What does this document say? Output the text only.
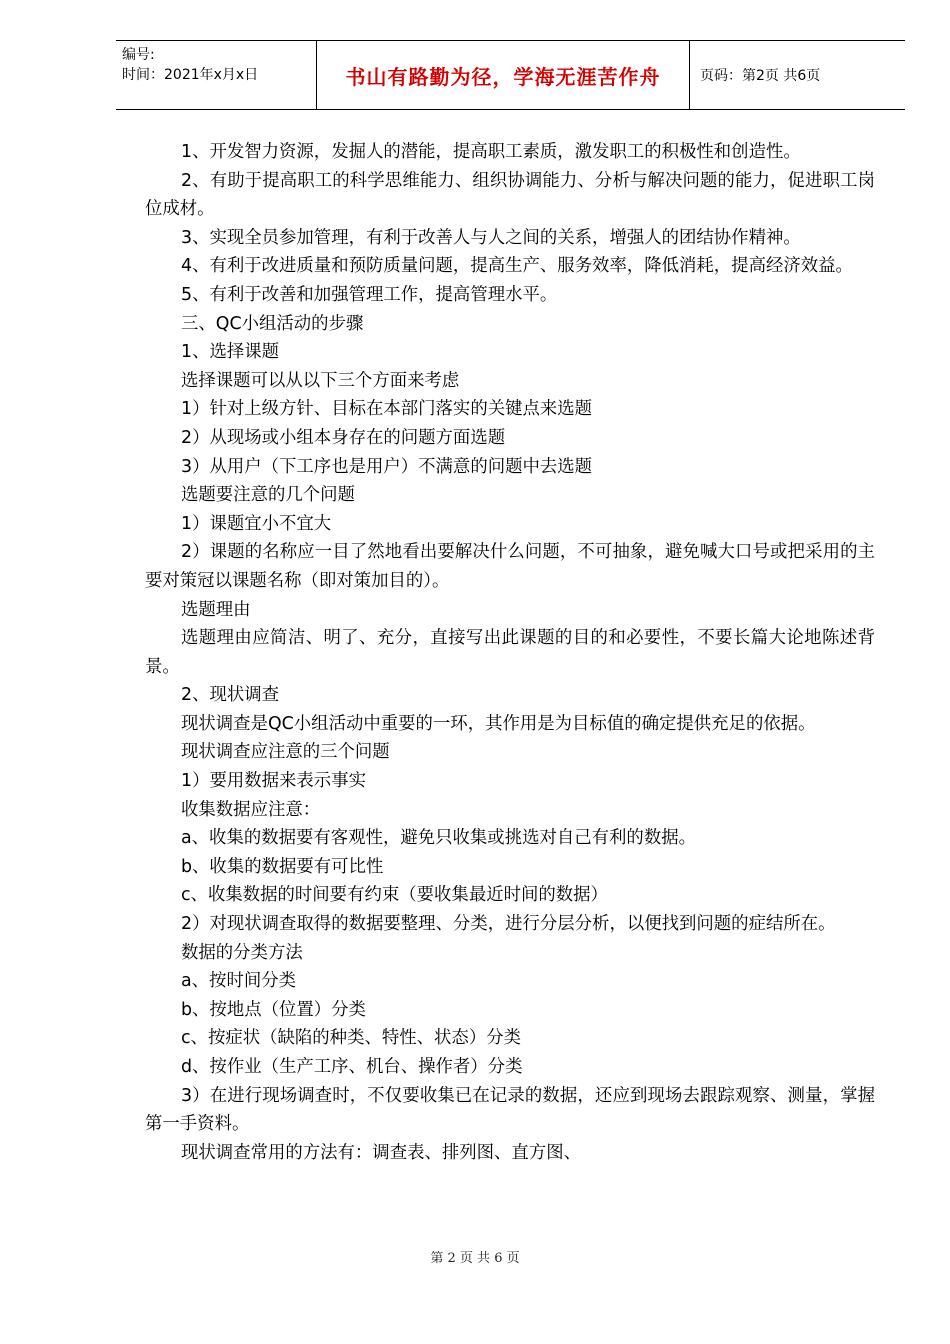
编号:
时间：2021年x月x日	书山有路勤为径，学海无涯苦作舟	页码：第2页 共6页

1、开发智力资源，发掘人的潜能，提高职工素质，激发职工的积极性和创造性。

2、有助于提高职工的科学思维能力、组织协调能力、分析与解决问题的能力，促进职工岗位成材。

3、实现全员参加管理，有利于改善人与人之间的关系，增强人的团结协作精神。

4、有利于改进质量和预防质量问题，提高生产、服务效率，降低消耗，提高经济效益。

5、有利于改善和加强管理工作，提高管理水平。

三、QC小组活动的步骤

1、选择课题

选择课题可以从以下三个方面来考虑

1）针对上级方针、目标在本部门落实的关键点来选题

2）从现场或小组本身存在的问题方面选题

3）从用户（下工序也是用户）不满意的问题中去选题

选题要注意的几个问题

1）课题宜小不宜大

2）课题的名称应一目了然地看出要解决什么问题，不可抽象，避免喊大口号或把采用的主要对策冠以课题名称（即对策加目的）。

选题理由

选题理由应简洁、明了、充分，直接写出此课题的目的和必要性，不要长篇大论地陈述背景。

2、现状调查

现状调查是QC小组活动中重要的一环，其作用是为目标值的确定提供充足的依据。

现状调查应注意的三个问题

1）要用数据来表示事实

收集数据应注意：

a、收集的数据要有客观性，避免只收集或挑选对自己有利的数据。

b、收集的数据要有可比性

c、收集数据的时间要有约束（要收集最近时间的数据）

2）对现状调查取得的数据要整理、分类，进行分层分析，以便找到问题的症结所在。

数据的分类方法

a、按时间分类

b、按地点（位置）分类

c、按症状（缺陷的种类、特性、状态）分类

d、按作业（生产工序、机台、操作者）分类

3）在进行现场调查时，不仅要收集已在记录的数据，还应到现场去跟踪观察、测量，掌握第一手资料。

现状调查常用的方法有：调查表、排列图、直方图、

第 2 页 共 6 页
